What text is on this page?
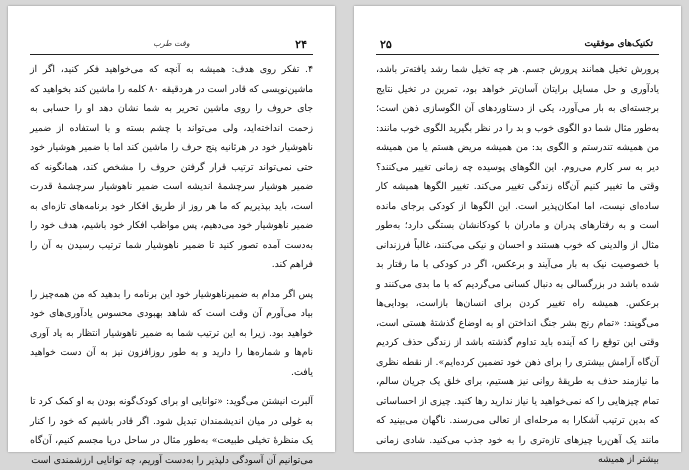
۲۴
وقت طرب

۴. تفکر روی هدف: همیشه به آنچه که می‌خواهید فکر کنید، اگر از ماشین‌نویسی که قادر است در هردقیقه ۸۰ کلمه را ماشین کند بخواهید که جای حروف را روی ماشین تحریر به شما نشان دهد او را حسابی به زحمت انداخته‌اید، ولی می‌تواند با چشم بسته و با استفاده از ضمیر ناهوشیار خود در هرثانیه پنج حرف را ماشین کند اما با ضمیر هوشیار خود حتی نمی‌تواند ترتیب قرار گرفتن حروف را مشخص کند، همانگونه که ضمیر هوشیار سرچشمهٔ اندیشه است ضمیر ناهوشیار سرچشمهٔ قدرت است، باید بپذیریم که ما هر روز از طریق افکار خود برنامه‌های تازه‌ای به ضمیر ناهوشیار خود می‌دهیم، پس مواظب افکار خود باشیم، هدف خود را به‌دست آمده تصور کنید تا ضمیر ناهوشیار شما ترتیب رسیدن به آن را فراهم کند.

پس اگر مدام به ضمیرناهوشیار خود این برنامه را بدهید که من همه‌چیز را بیاد می‌آورم آن وقت است که شاهد بهبودی محسوس یادآوری‌های خود خواهید بود. زیرا به این ترتیب شما به ضمیر ناهوشیار انتظار به یاد آوری نام‌ها و شماره‌ها را دارید و به طور روزافزون نیز به آن دست خواهید یافت.

آلبرت انیشتن می‌گوید: «توانایی او برای کودک‌گونه بودن به او کمک کرد تا به غولی در میان اندیشمندان تبدیل شود. اگر قادر باشیم که خود را کنار یک منظرهٔ تخیلی طبیعت» به‌طور مثال در ساحل دریا مجسم کنیم، آن‌گاه می‌توانیم آن آسودگی دلپذیر را به‌دست آوریم، چه توانایی ارزشمندی است

۲۵	تکنیک‌های موفقیت

پرورش تخیل همانند پرورش جسم. هر چه تخیل شما رشد یافته‌تر باشد، یادآوری و حل مسایل برایتان آسان‌تر خواهد بود، تمرین در تخیل نتایج برجسته‌ای به بار می‌آورد، یکی از دستاوردهای آن الگوسازی ذهن است؛ به‌طور مثال شما دو الگوی خوب و بد را در نظر بگیرید الگوی خوب مانند: من همیشه تندرستم و الگوی بد: من همیشه مریض هستم یا من همیشه دیر به سر کارم می‌روم. این الگوهای پوسیده چه زمانی تغییر می‌کنند؟ وقتی ما تغییر کنیم آن‌گاه زندگی تغییر می‌کند. تغییر الگوها همیشه کار ساده‌ای نیست، اما امکان‌پذیر است. این الگوها از کودکی برجای مانده است و به رفتارهای پدران و مادران با کودکانشان بستگی دارد؛ به‌طور مثال از والدینی که خوب هستند و احسان و نیکی می‌کنند، غالباً فرزندانی با خصوصیت نیک به بار می‌آیند و برعکس، اگر در کودکی با ما رفتار بد شده باشد در بزرگسالی به دنبال کسانی می‌گردیم که با ما بدی می‌کنند و برعکس. همیشه راه تغییر کردن برای انسان‌ها بازاست، بودایی‌ها می‌گویند: «تمام رنج بشر جنگ انداختن او به اوضاع گذشتهٔ هستی است، وقتی این توقع را که آینده باید تداوم گذشته باشد از زندگی حذف کردیم آن‌گاه آرامش بیشتری را برای ذهن خود تضمین کرده‌ایم». از نقطه نظری ما نیازمند حذف به طریقهٔ روانی نیز هستیم، برای خلق یک جریان سالم، تمام چیزهایی را که نمی‌خواهید یا نیاز ندارید رها کنید. چیزی از احساساتی که بدین ترتیب آشکارا به مرحله‌ای از تعالی می‌رسند. ناگهان می‌بینید که مانند یک آهن‌ربا چیزهای تازه‌تری را به خود جذب می‌کنید. شادی زمانی بیشتر از همیشه
